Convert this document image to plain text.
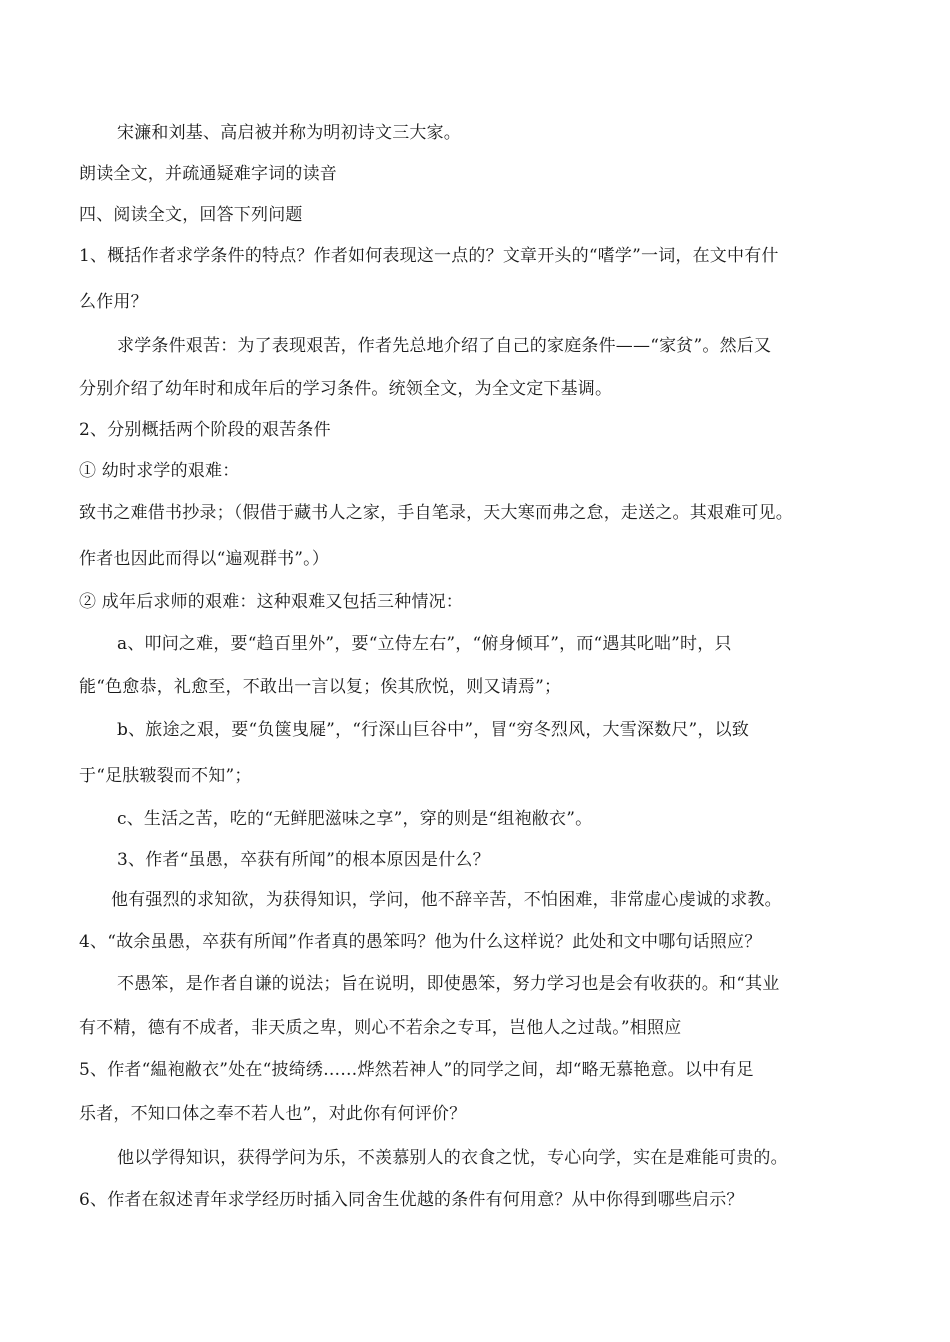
宋濂和刘基、高启被并称为明初诗文三大家。
朗读全文，并疏通疑难字词的读音
四、阅读全文，回答下列问题
1、概括作者求学条件的特点？作者如何表现这一点的？文章开头的“嗜学”一词，在文中有什
么作用？
求学条件艰苦：为了表现艰苦，作者先总地介绍了自己的家庭条件——“家贫”。然后又
分别介绍了幼年时和成年后的学习条件。统领全文，为全文定下基调。
2、分别概括两个阶段的艰苦条件
① 幼时求学的艰难：
致书之难借书抄录；（假借于藏书人之家，手自笔录，天大寒而弗之怠，走送之。其艰难可见。
作者也因此而得以“遍观群书”。）
② 成年后求师的艰难：这种艰难又包括三种情况：
a、叩问之难，要“趋百里外”，要“立侍左右”，“俯身倾耳”，而“遇其叱咄”时，只
能“色愈恭，礼愈至，不敢出一言以复；俟其欣悦，则又请焉”；
b、旅途之艰，要“负箧曳屣”，“行深山巨谷中”，冒“穷冬烈风，大雪深数尺”，以致
于“足肤皲裂而不知”；
c、生活之苦，吃的“无鲜肥滋味之享”，穿的则是“组袍敝衣”。
3、作者“虽愚，卒获有所闻”的根本原因是什么？
他有强烈的求知欲，为获得知识，学问，他不辞辛苦，不怕困难，非常虚心虔诚的求教。
4、“故余虽愚，卒获有所闻”作者真的愚笨吗？他为什么这样说？此处和文中哪句话照应？
不愚笨，是作者自谦的说法；旨在说明，即使愚笨，努力学习也是会有收获的。和“其业
有不精，德有不成者，非天质之卑，则心不若余之专耳，岂他人之过哉。”相照应
5、作者“緼袍敝衣”处在“披绮绣……烨然若神人”的同学之间，却“略无慕艳意。以中有足
乐者，不知口体之奉不若人也”，对此你有何评价？
他以学得知识，获得学问为乐，不羡慕别人的衣食之忧，专心向学，实在是难能可贵的。
6、作者在叙述青年求学经历时插入同舍生优越的条件有何用意？从中你得到哪些启示？
